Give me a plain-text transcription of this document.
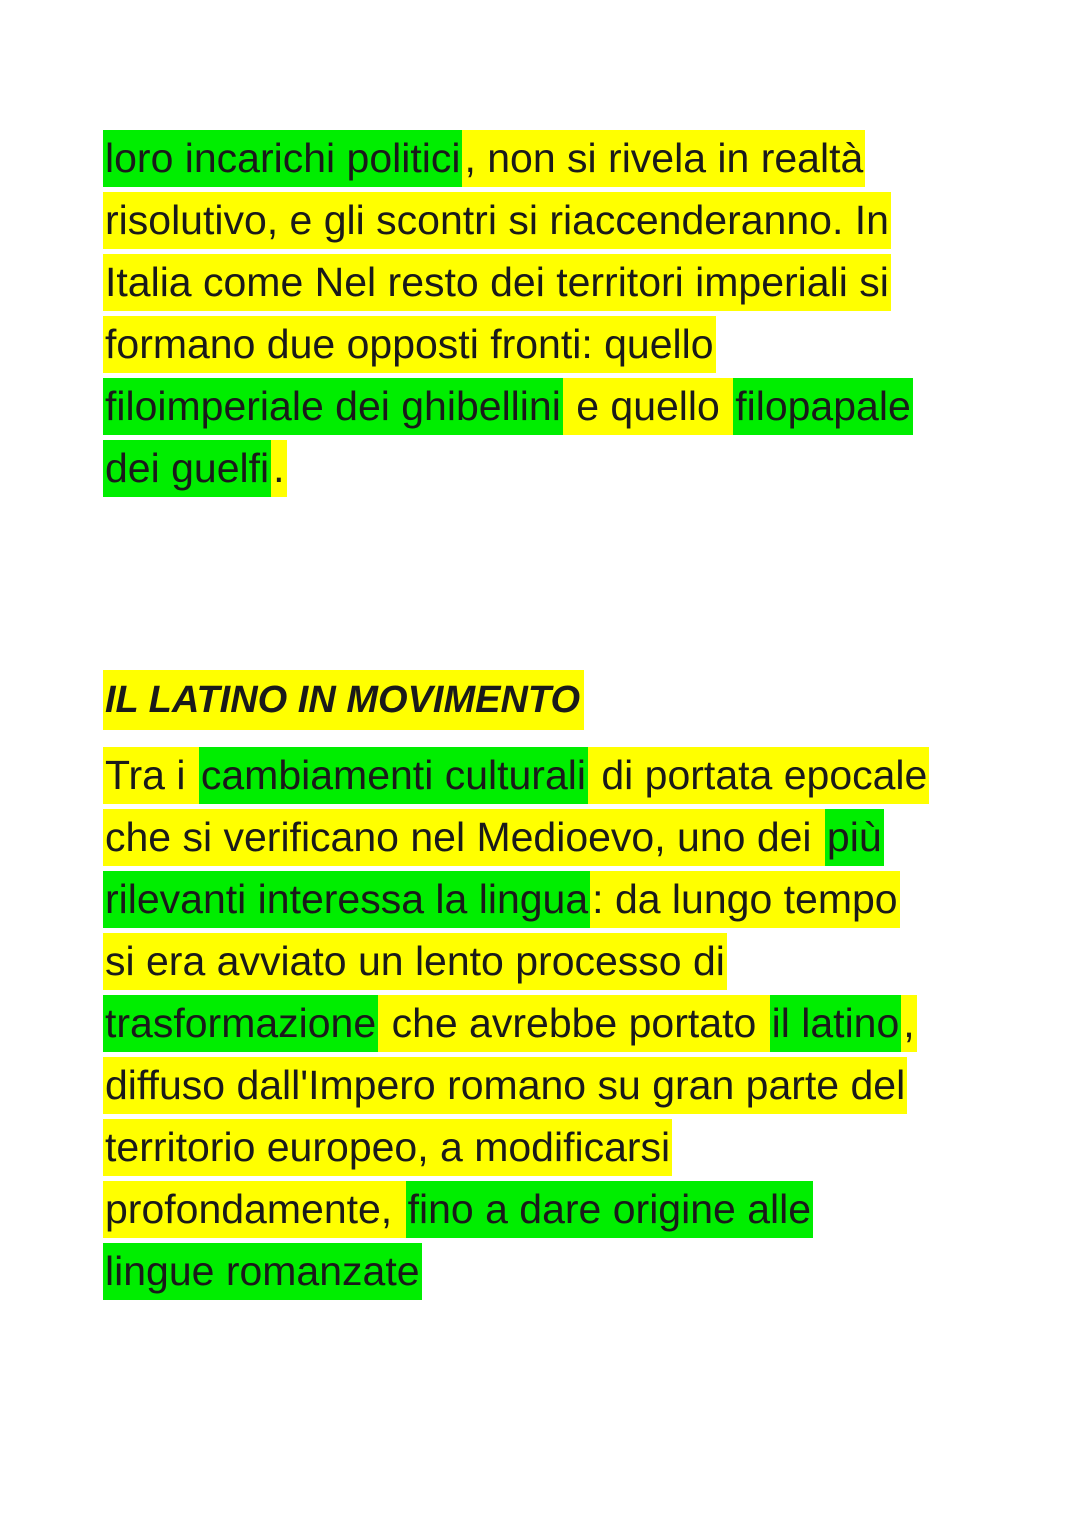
loro incarichi politici , non si rivela in realtà
risolutivo, e gli scontri si riaccenderanno. In
Italia come Nel resto dei territori imperiali si
formano due opposti fronti: quello
filoimperiale dei ghibellini e quello filopapale
dei guelfi .
IL LATINO IN MOVIMENTO
Tra i cambiamenti culturali di portata epocale
che si verificano nel Medioevo, uno dei più
rilevanti interessa la lingua : da lungo tempo
si era avviato un lento processo di
trasformazione che avrebbe portato il latino ,
diffuso dall'Impero romano su gran parte del
territorio europeo, a modificarsi
profondamente, fino a dare origine alle
lingue romanzate
